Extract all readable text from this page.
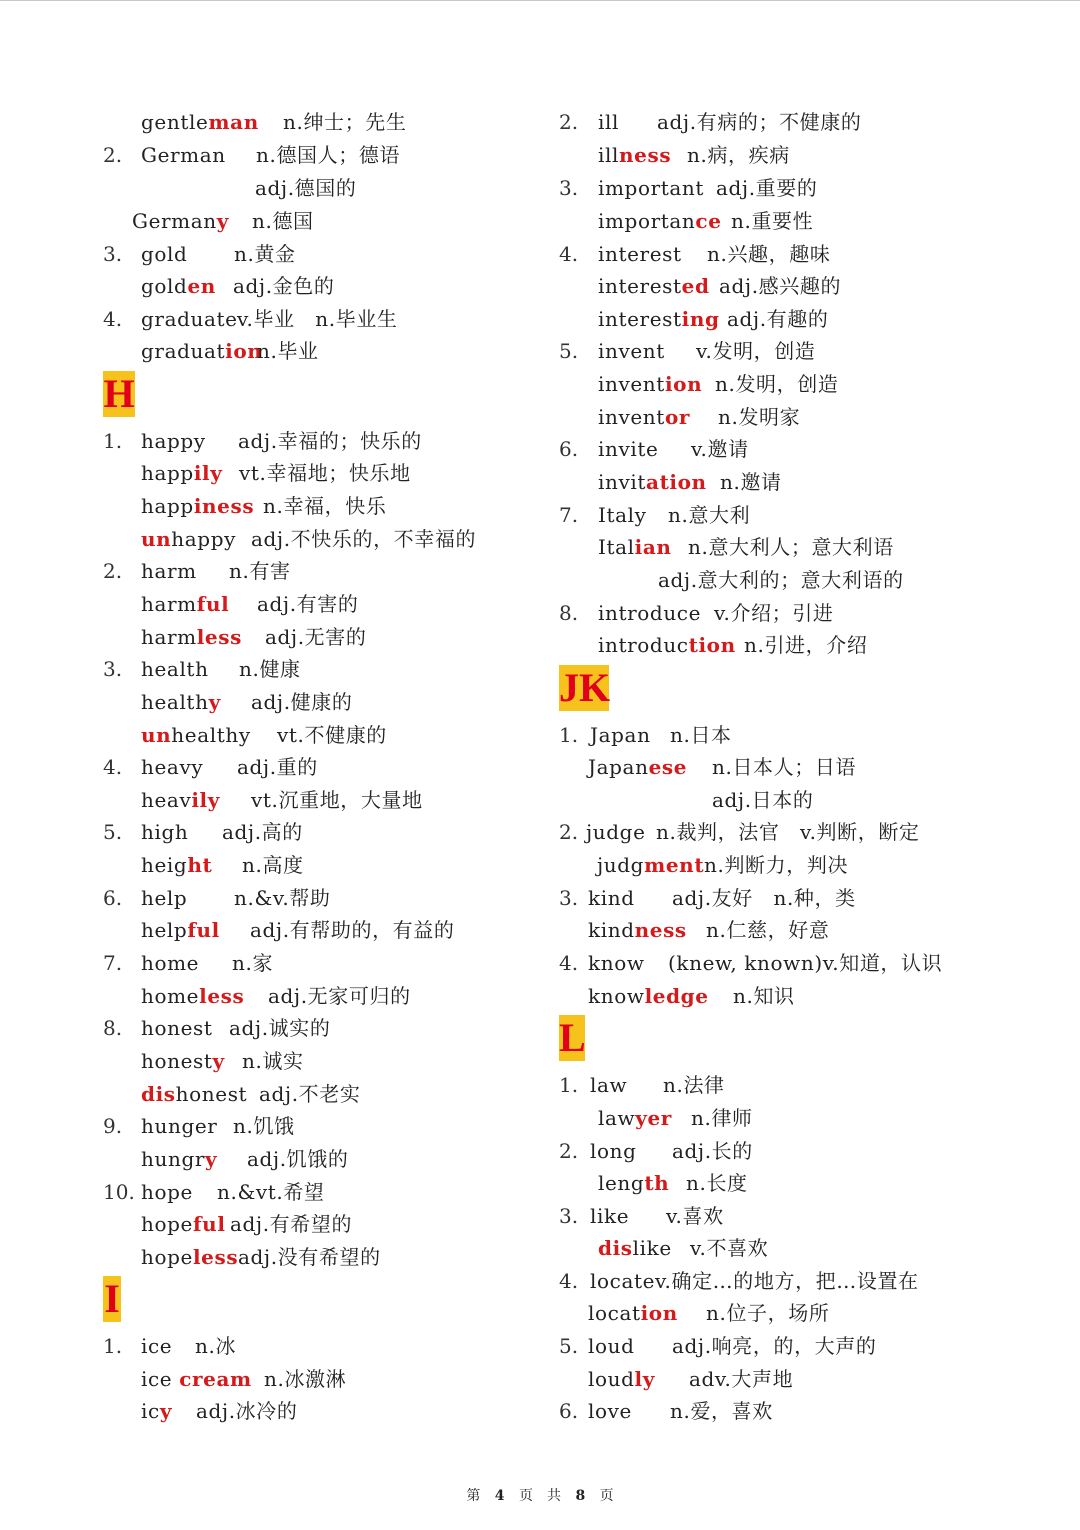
gentleman n.绅士；先生
2. German n.德国人；德语
adj.德国的
Germany n.德国
3. gold n.黄金
golden adj.金色的
4. graduate v.毕业　n.毕业生
graduation
n.毕业
H
1. happy adj.幸福的；快乐的
happily vt.幸福地；快乐地
happiness n.幸福，快乐
unhappy adj.不快乐的，不幸福的
2. harm n.有害
harmful adj.有害的
harmless adj.无害的
3. health n.健康
healthy adj.健康的
unhealthy vt.不健康的
4. heavy adj.重的
heavily vt.沉重地，大量地
5. high adj.高的
height n.高度
6. help n.&v.帮助
helpful adj.有帮助的，有益的
7. home n.家
homeless adj.无家可归的
8. honest adj.诚实的
honesty n.诚实
dishonest adj.不老实
9. hunger n.饥饿
hungry adj.饥饿的
10. hope n.&vt.希望
hopeful adj.有希望的
hopeless adj.没有希望的
I
1. ice n.冰
ice cream n.冰激淋
icy adj.冰冷的
2. ill adj.有病的；不健康的
illness n.病，疾病
3. important adj.重要的
importance n.重要性
4. interest n.兴趣，趣味
interested adj.感兴趣的
interesting adj.有趣的
5. invent v.发明，创造
invention n.发明，创造
inventor n.发明家
6. invite v.邀请
invitation n.邀请
7. Italy n.意大利
Italian n.意大利人；意大利语
adj.意大利的；意大利语的
8. introduce v.介绍；引进
introduction n.引进，介绍
JK
1. Japan n.日本
Japanese n.日本人；日语
adj.日本的
2. judge n.裁判，法官　v.判断，断定
judgment n.判断力，判决
3. kind adj.友好　n.种，类
kindness n.仁慈，好意
4. know (knew, known)v.知道，认识
knowledge n.知识
L
1. law n.法律
lawyer n.律师
2. long adj.长的
length n.长度
3. like v.喜欢
dislike v.不喜欢
4. locate v.确定…的地方，把…设置在
location n.位子，场所
5. loud adj.响亮，的，大声的
loudly adv.大声地
6. love n.爱，喜欢
第 4 页　共 8 页
